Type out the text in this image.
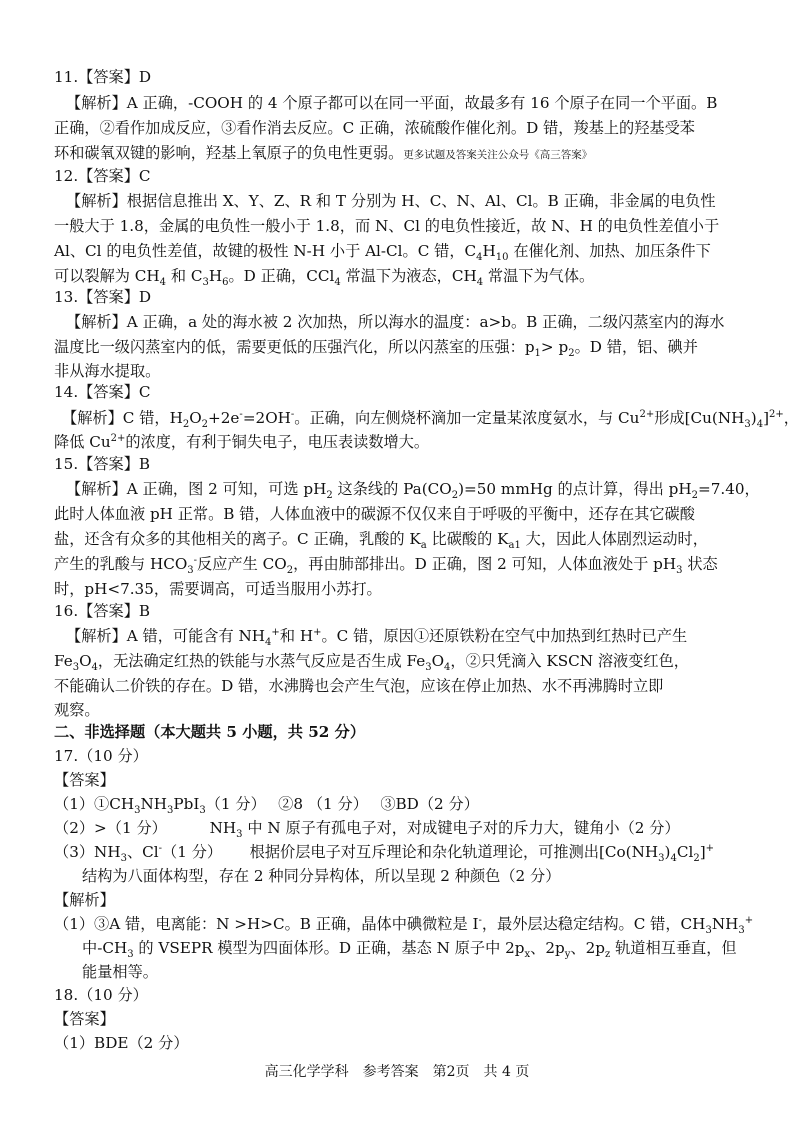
11.【答案】D
【解析】A 正确，-COOH 的 4 个原子都可以在同一平面，故最多有 16 个原子在同一个平面。B
正确，②看作加成反应，③看作消去反应。C 正确，浓硫酸作催化剂。D 错，羧基上的羟基受苯
环和碳氧双键的影响，羟基上氧原子的负电性更弱。更多试题及答案关注公众号《高三答案》
12.【答案】C
【解析】根据信息推出 X、Y、Z、R 和 T 分别为 H、C、N、Al、Cl。B 正确，非金属的电负性
一般大于 1.8，金属的电负性一般小于 1.8，而 N、Cl 的电负性接近，故 N、H 的电负性差值小于
Al、Cl 的电负性差值，故键的极性 N-H 小于 Al-Cl。C 错，$C_4H_{10}$ 在催化剂、加热、加压条件下
可以裂解为 $CH_4$ 和 $C_3H_6$。D 正确，CCl$_4$ 常温下为液态，$CH_4$ 常温下为气体。
13.【答案】D
【解析】A 正确，a 处的海水被 2 次加热，所以海水的温度：a>b。B 正确，二级闪蒸室内的海水
温度比一级闪蒸室内的低，需要更低的压强汽化，所以闪蒸室的压强：$p_1> p_2$。D 错，铝、碘并
非从海水提取。
14.【答案】C
【解析】C 错，$H_2O_2+2e^-=2OH^-$。正确，向左侧烧杯滴加一定量某浓度氨水，与 $Cu^{2+}$形成$[Cu(NH_3)_4]^{2+}$，
降低 $Cu^{2+}$的浓度，有利于铜失电子，电压表读数增大。
15.【答案】B
【解析】A 正确，图 2 可知，可选 $pH_2$ 这条线的 $Pa(CO_2)=50$ mmHg 的点计算，得出 $pH_2=7.40$，
此时人体血液 pH 正常。B 错，人体血液中的碳源不仅仅来自于呼吸的平衡中，还存在其它碳酸
盐，还含有众多的其他相关的离子。C 正确，乳酸的 $K_a$ 比碳酸的 $K_{a1}$ 大，因此人体剧烈运动时，
产生的乳酸与 $HCO_3^-$反应产生 $CO_2$，再由肺部排出。D 正确，图 2 可知，人体血液处于 $pH_3$ 状态
时，pH<7.35，需要调高，可适当服用小苏打。
16.【答案】B
【解析】A 错，可能含有 $NH_4^+$和 H+。C 错，原因①还原铁粉在空气中加热到红热时已产生
$Fe_3O_4$，无法确定红热的铁能与水蒸气反应是否生成 $Fe_3O_4$，②只凭滴入 KSCN 溶液变红色，
不能确认二价铁的存在。D 错，水沸腾也会产生气泡，应该在停止加热、水不再沸腾时立即
观察。
二、非选择题（本大题共 5 小题，共 52 分）
17.（10 分）
【答案】
$(1)①CH_3NH_3PbI_3(1$ 分）　 ②8 （1 分）　 ③BD（2 分）
（2）>（1 分）　　　 $NH_3$ 中 N 原子有孤电子对，对成键电子对的斥力大，键角小（2 分）
$(3)NH_3$、Cl-（1 分）　　 根据价层电子对互斥理论和杂化轨道理论，可推测出$[Co(NH_3)_4Cl_2]^+$
结构为八面体构型，存在 2 种同分异构体，所以呈现 2 种颜色（2 分）
【解析】
（1）③A 错，电离能：N >H>C。B 正确，晶体中碘微粒是 I-，最外层达稳定结构。C 错，$CH_3NH_3^+$
中$-CH_3$ 的 VSEPR 模型为四面体形。D 正确，基态 N 原子中 $2p_x$、$2p_y$、$2p_z$ 轨道相互垂直，但
能量相等。
18.（10 分）
【答案】
（1）BDE（2 分）
高三化学学科　参考答案　第2页　共 4 页
